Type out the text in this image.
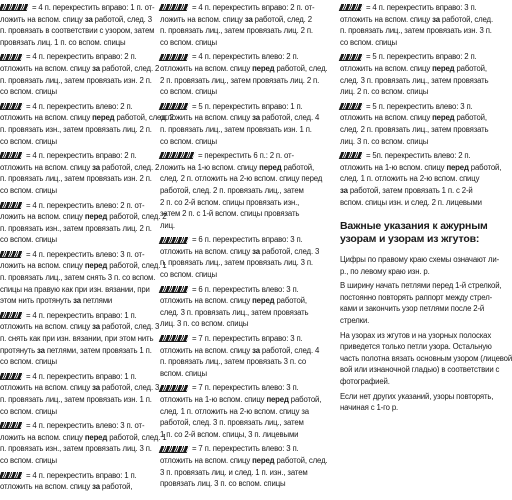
= 4 п. перекрестить вправо: 1 п. от-
ложить на вспом. спицу за работой, след. 3
п. провязать в соответствии с узором, затем
провязать лиц. 1 п. со вспом. спицы
= 4 п. перекрестить вправо: 2 п.
отложить на вспом. спицу за работой, след. 2
п. провязать лиц., затем провязать изн. 2 п.
со вспом. спицы
= 4 п. перекрестить влево: 2 п.
отложить на вспом. спицу перед работой, след. 2
п. провязать изн., затем провязать лиц. 2 п.
со вспом. спицы
= 4 п. перекрестить вправо: 2 п.
отложить на вспом. спицу за работой, след. 2
п. провязать лиц., затем провязать изн. 2 п.
со вспом. спицы
= 4 п. перекрестить влево: 2 п. от-
ложить на вспом. спицу перед работой, след. 2
п. провязать изн., затем провязать лиц. 2 п.
со вспом. спицы
= 4 п. перекрестить влево: 3 п. от-
ложить на вспом. спицу перед работой, след. 1
п. провязать лиц., затем снять 3 п. со вспом.
спицы на правую как при изн. вязании, при
этом нить протянуть за петлями
= 4 п. перекрестить вправо: 1 п.
отложить на вспом. спицу за работой, след. 3
п. снять как при изн. вязании, при этом нить
протянуть за петлями, затем провязать 1 п.
со вспом. спицы
= 4 п. перекрестить вправо: 1 п.
отложить на вспом. спицу за работой, след. 3
п. провязать лиц., затем провязать изн. 1 п.
со вспом. спицы
= 4 п. перекрестить влево: 3 п. от-
ложить на вспом. спицу перед работой, след. 1
п. провязать изн., затем провязать лиц. 3 п.
со вспом. спицы
= 4 п. перекрестить вправо: 1 п.
отложить на вспом. спицу за работой,
= 4 п. перекрестить вправо: 2 п. от-
ложить на вспом. спицу за работой, след. 2
п. провязать лиц., затем провязать лиц. 2 п.
со вспом. спицы
= 4 п. перекрестить влево: 2 п.
отложить на вспом. спицу перед работой, след.
2 п. провязать лиц., затем провязать лиц. 2 п.
со вспом. спицы
= 5 п. перекрестить вправо: 1 п.
отложить на вспом. спицу за работой, след. 4
п. провязать лиц., затем провязать изн. 1 п.
со вспом. спицы
= перекрестить 6 п.: 2 п. от-
ложить на 1-ю вспом. спицу перед работой,
след. 2 п. отложить на 2-ю вспом. спицу перед
работой, след. 2 п. провязать лиц., затем
2 п. со 2-й вспом. спицы провязать изн.,
затем 2 п. с 1-й вспом. спицы провязать
лиц.
= 6 п. перекрестить вправо: 3 п.
отложить на вспом. спицу за работой, след. 3
п. провязать лиц., затем провязать лиц. 3 п.
со вспом. спицы
= 6 п. перекрестить влево: 3 п.
отложить на вспом. спицу перед работой,
след. 3 п. провязать лиц., затем провязать
лиц. 3 п. со вспом. спицы
= 7 п. перекрестить вправо: 3 п.
отложить на вспом. спицу за работой, след. 4
п. провязать лиц., затем провязать 3 п. со
вспом. спицы
= 7 п. перекрестить влево: 3 п.
отложить на 1-ю вспом. спицу перед работой,
след. 1 п. отложить на 2-ю вспом. спицу за
работой, след. 3 п. провязать лиц., затем
1 п. со 2-й вспом. спицы, 3 п. лицевыми
= 7 п. перекрестить влево: 3 п.
отложить на вспом. спицу перед работой, след.
3 п. провязать лиц. и след. 1 п. изн., затем
провязать лиц. 3 п. со вспом. спицы
= 4 п. перекрестить вправо: 3 п.
отложить на вспом. спицу за работой, след.
п. провязать лиц., затем провязать изн. 3 п.
со вспом. спицы
= 5 п. перекрестить вправо: 2 п.
отложить на вспом. спицу перед работой,
след. 3 п. провязать лиц., затем провязать
лиц. 2 п. со вспом. спицы
= 5 п. перекрестить влево: 3 п.
отложить на вспом. спицу перед работой,
след. 2 п. провязать лиц., затем провязать
лиц. 3 п. со вспом. спицы
= 5п. перекрестить влево: 2 п.
отложить на 1-ю вспом. спицу перед работой,
след. 1 п. отложить на 2-ю вспом. спицу
за работой, затем провязать 1 п. с 2-й
вспом. спицы изн. и след. 2 п. лицевыми
Важные указания к ажурным
узорам и узорам из жгутов:
Цифры по правому краю схемы означают ли-
р., по левому краю изн. р.
В ширину начать петлями перед 1-й стрелкой,
постоянно повторять раппорт между стрел-
ками и закончить узор петлями после 2-й
стрелки.
На узорах из жгутов и на узорных полосках
приведется только петли узора. Остальную
часть полотна вязать основным узором (лицевой
вой или изнаночной гладью) в соответствии с
фотографией.
Если нет других указаний, узоры повторять,
начиная с 1-го р.
